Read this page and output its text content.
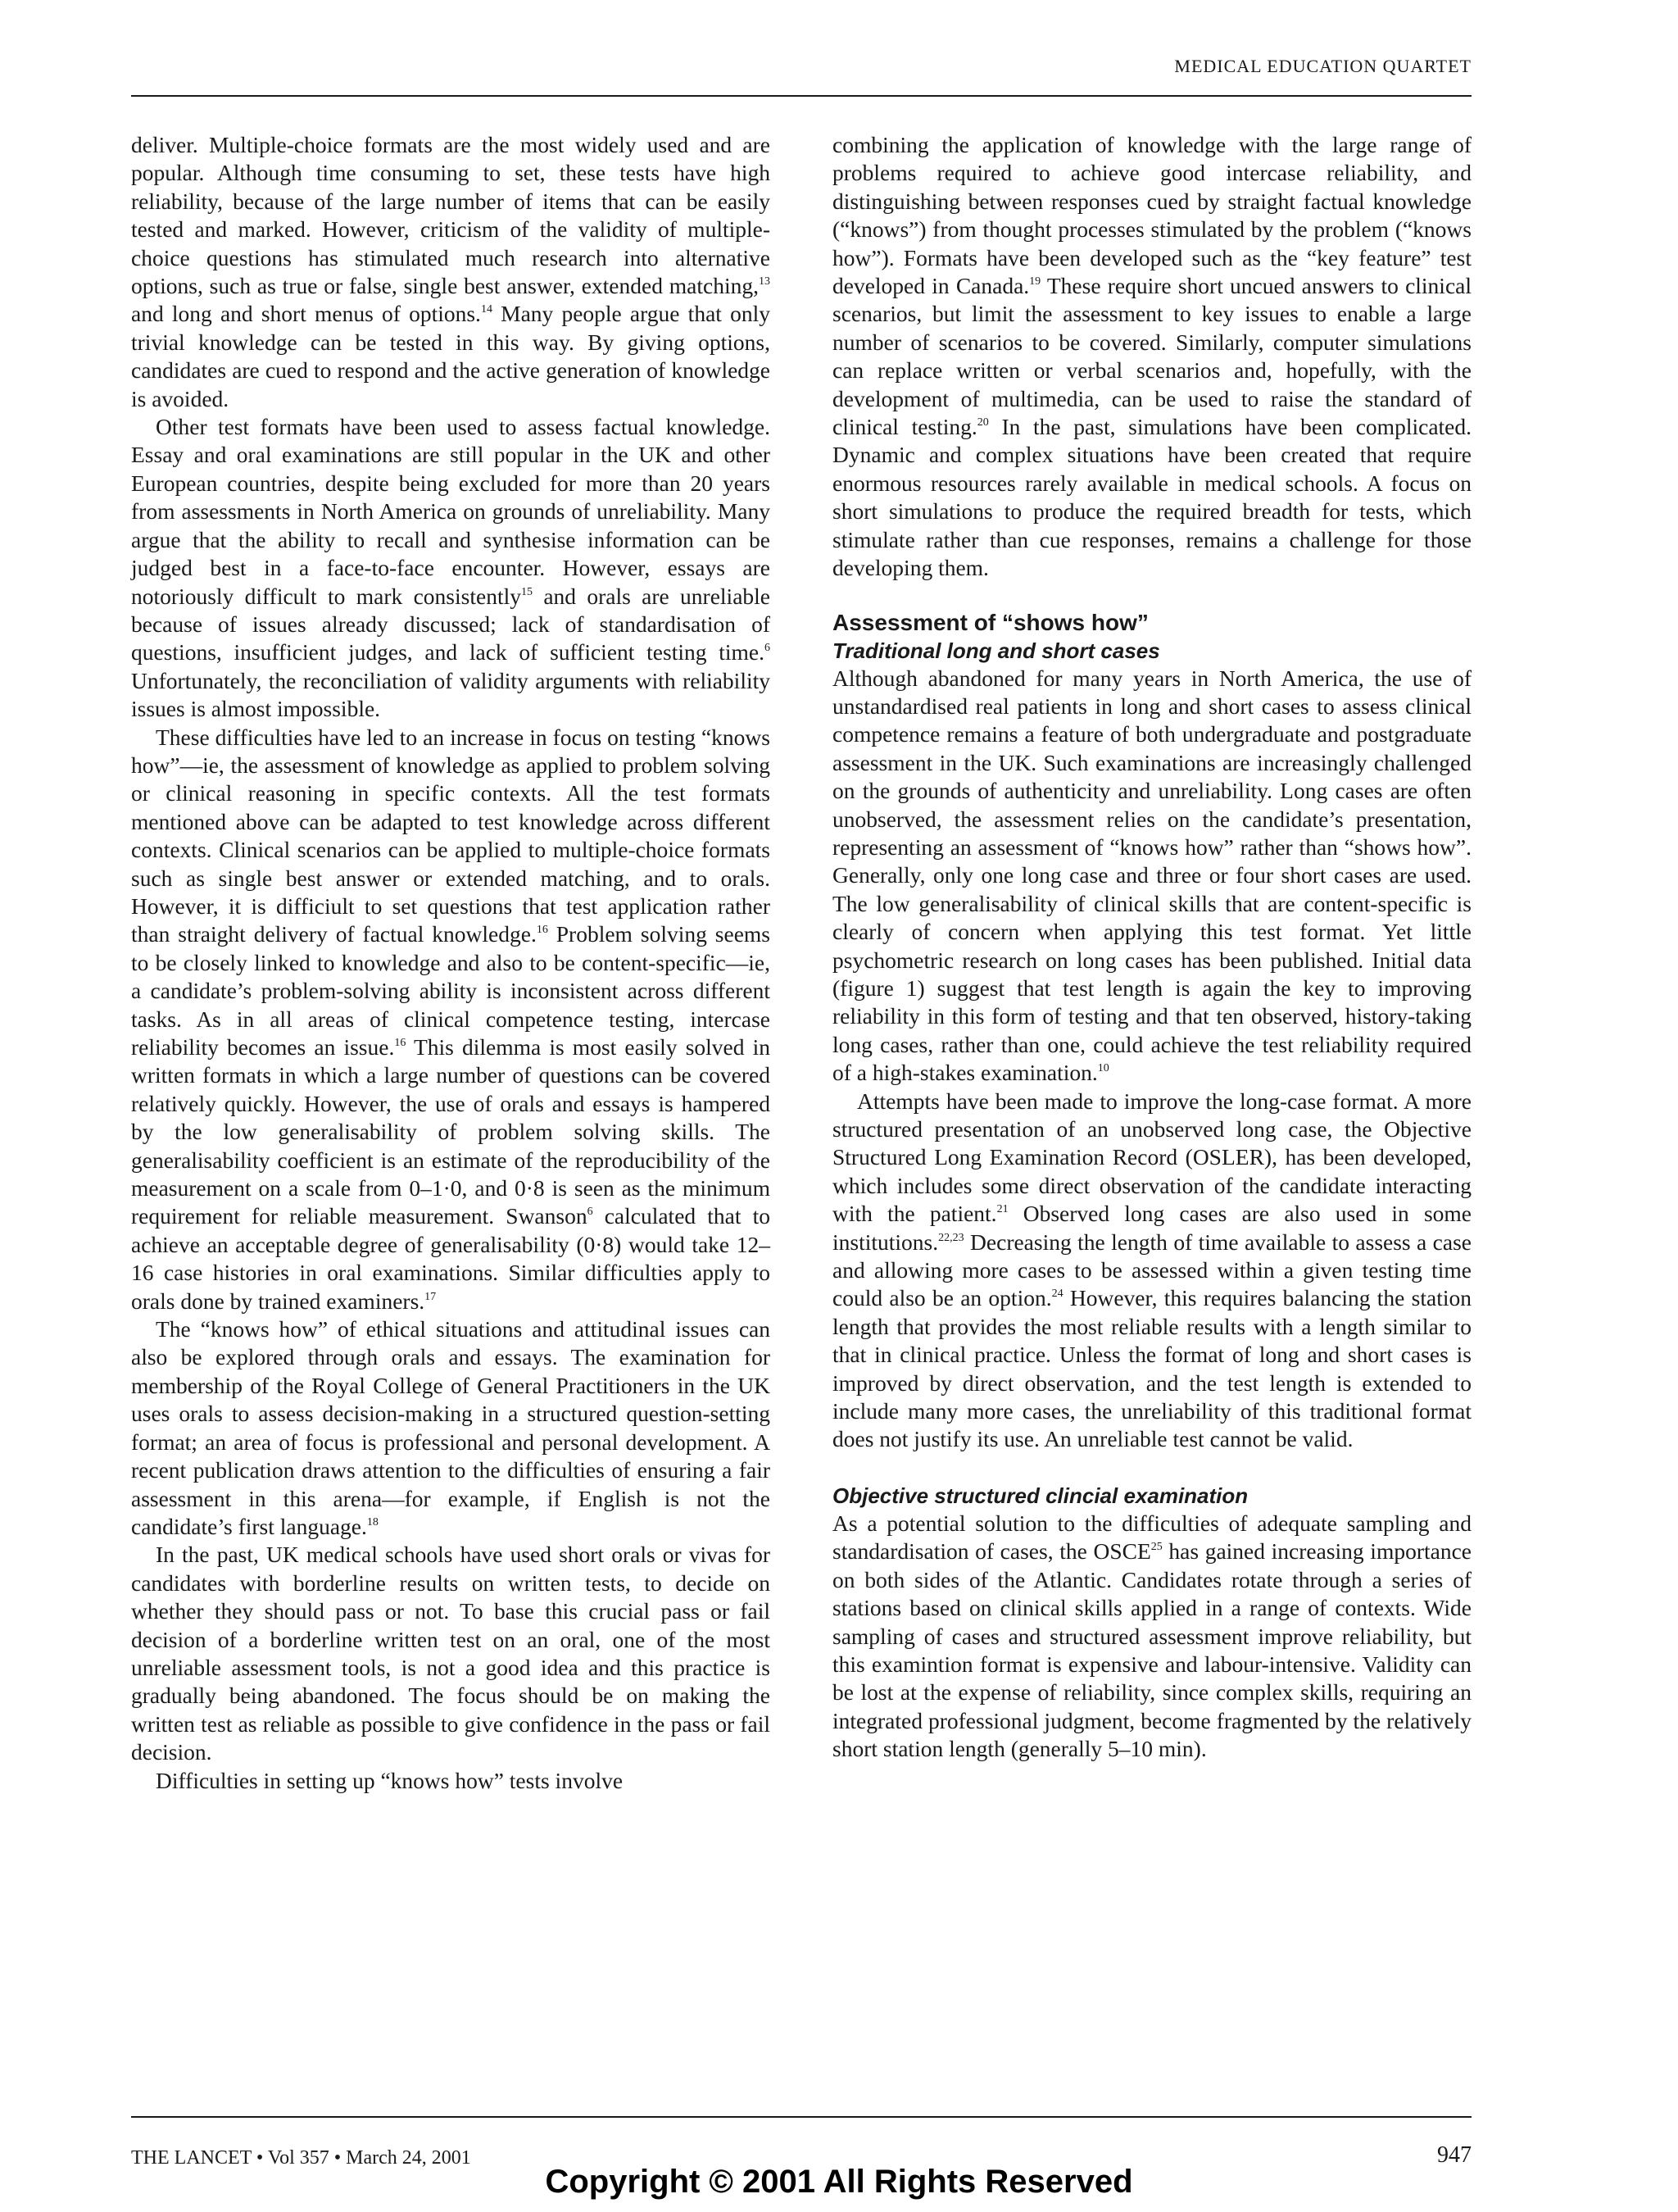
MEDICAL EDUCATION QUARTET

deliver. Multiple-choice formats are the most widely used and are popular. Although time consuming to set, these tests have high reliability, because of the large number of items that can be easily tested and marked. However, criticism of the validity of multiple-choice questions has stimulated much research into alternative options, such as true or false, single best answer, extended matching,$^{13}$ and long and short menus of options.$^{14}$ Many people argue that only trivial knowledge can be tested in this way. By giving options, candidates are cued to respond and the active generation of knowledge is avoided.

Other test formats have been used to assess factual knowledge. Essay and oral examinations are still popular in the UK and other European countries, despite being excluded for more than 20 years from assessments in North America on grounds of unreliability. Many argue that the ability to recall and synthesise information can be judged best in a face-to-face encounter. However, essays are notoriously difficult to mark consistently$^{15}$ and orals are unreliable because of issues already discussed; lack of standardisation of questions, insufficient judges, and lack of sufficient testing time.$^6$ Unfortunately, the reconciliation of validity arguments with reliability issues is almost impossible.

These difficulties have led to an increase in focus on testing “knows how”—ie, the assessment of knowledge as applied to problem solving or clinical reasoning in specific contexts. All the test formats mentioned above can be adapted to test knowledge across different contexts. Clinical scenarios can be applied to multiple-choice formats such as single best answer or extended matching, and to orals. However, it is difficiult to set questions that test application rather than straight delivery of factual knowledge.$^{16}$ Problem solving seems to be closely linked to knowledge and also to be content-specific—ie, a candidate’s problem-solving ability is inconsistent across different tasks. As in all areas of clinical competence testing, intercase reliability becomes an issue.$^{16}$ This dilemma is most easily solved in written formats in which a large number of questions can be covered relatively quickly. However, the use of orals and essays is hampered by the low generalisability of problem solving skills. The generalisability coefficient is an estimate of the reproducibility of the measurement on a scale from 0–1·0, and 0·8 is seen as the minimum requirement for reliable measurement. Swanson$^6$ calculated that to achieve an acceptable degree of generalisability (0·8) would take 12–16 case histories in oral examinations. Similar difficulties apply to orals done by trained examiners.$^{17}$

The “knows how” of ethical situations and attitudinal issues can also be explored through orals and essays. The examination for membership of the Royal College of General Practitioners in the UK uses orals to assess decision-making in a structured question-setting format; an area of focus is professional and personal development. A recent publication draws attention to the difficulties of ensuring a fair assessment in this arena—for example, if English is not the candidate’s first language.$^{18}$

In the past, UK medical schools have used short orals or vivas for candidates with borderline results on written tests, to decide on whether they should pass or not. To base this crucial pass or fail decision of a borderline written test on an oral, one of the most unreliable assessment tools, is not a good idea and this practice is gradually being abandoned. The focus should be on making the written test as reliable as possible to give confidence in the pass or fail decision.

Difficulties in setting up “knows how” tests involve

combining the application of knowledge with the large range of problems required to achieve good intercase reliability, and distinguishing between responses cued by straight factual knowledge (“knows”) from thought processes stimulated by the problem (“knows how”). Formats have been developed such as the “key feature” test developed in Canada.$^{19}$ These require short uncued answers to clinical scenarios, but limit the assessment to key issues to enable a large number of scenarios to be covered. Similarly, computer simulations can replace written or verbal scenarios and, hopefully, with the development of multimedia, can be used to raise the standard of clinical testing.$^{20}$ In the past, simulations have been complicated. Dynamic and complex situations have been created that require enormous resources rarely available in medical schools. A focus on short simulations to produce the required breadth for tests, which stimulate rather than cue responses, remains a challenge for those developing them.

Assessment of “shows how”
Traditional long and short cases

Although abandoned for many years in North America, the use of unstandardised real patients in long and short cases to assess clinical competence remains a feature of both undergraduate and postgraduate assessment in the UK. Such examinations are increasingly challenged on the grounds of authenticity and unreliability. Long cases are often unobserved, the assessment relies on the candidate’s presentation, representing an assessment of “knows how” rather than “shows how”. Generally, only one long case and three or four short cases are used. The low generalisability of clinical skills that are content-specific is clearly of concern when applying this test format. Yet little psychometric research on long cases has been published. Initial data (figure 1) suggest that test length is again the key to improving reliability in this form of testing and that ten observed, history-taking long cases, rather than one, could achieve the test reliability required of a high-stakes examination.$^{10}$

Attempts have been made to improve the long-case format. A more structured presentation of an unobserved long case, the Objective Structured Long Examination Record (OSLER), has been developed, which includes some direct observation of the candidate interacting with the patient.$^{21}$ Observed long cases are also used in some institutions.$^{22,23}$ Decreasing the length of time available to assess a case and allowing more cases to be assessed within a given testing time could also be an option.$^{24}$ However, this requires balancing the station length that provides the most reliable results with a length similar to that in clinical practice. Unless the format of long and short cases is improved by direct observation, and the test length is extended to include many more cases, the unreliability of this traditional format does not justify its use. An unreliable test cannot be valid.

Objective structured clincial examination

As a potential solution to the difficulties of adequate sampling and standardisation of cases, the OSCE$^{25}$ has gained increasing importance on both sides of the Atlantic. Candidates rotate through a series of stations based on clinical skills applied in a range of contexts. Wide sampling of cases and structured assessment improve reliability, but this examintion format is expensive and labour-intensive. Validity can be lost at the expense of reliability, since complex skills, requiring an integrated professional judgment, become fragmented by the relatively short station length (generally 5–10 min).

THE LANCET • Vol 357 • March 24, 2001	947
Copyright © 2001 All Rights Reserved
